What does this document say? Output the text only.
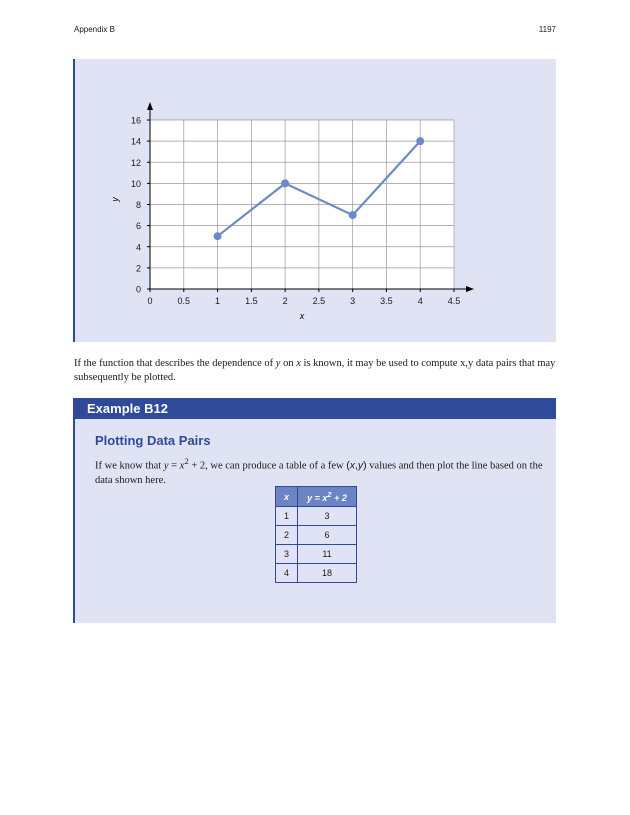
Appendix B	1197
0	0.5	1	1.5	2	2.5	3	3.5	4	4.5
0
2
4
6
8
10
12
14
16
x
y
If the function that describes the dependence of y on x is known, it may be used to compute x,y data pairs that may subsequently be plotted.
Example B12
Plotting Data Pairs
If we know that $y = x^2 + 2$, we can produce a table of a few (x,y) values and then plot the line based on the data shown here.
x	$y = x^2 + 2$
1	3
2	6
3	11
4	18
